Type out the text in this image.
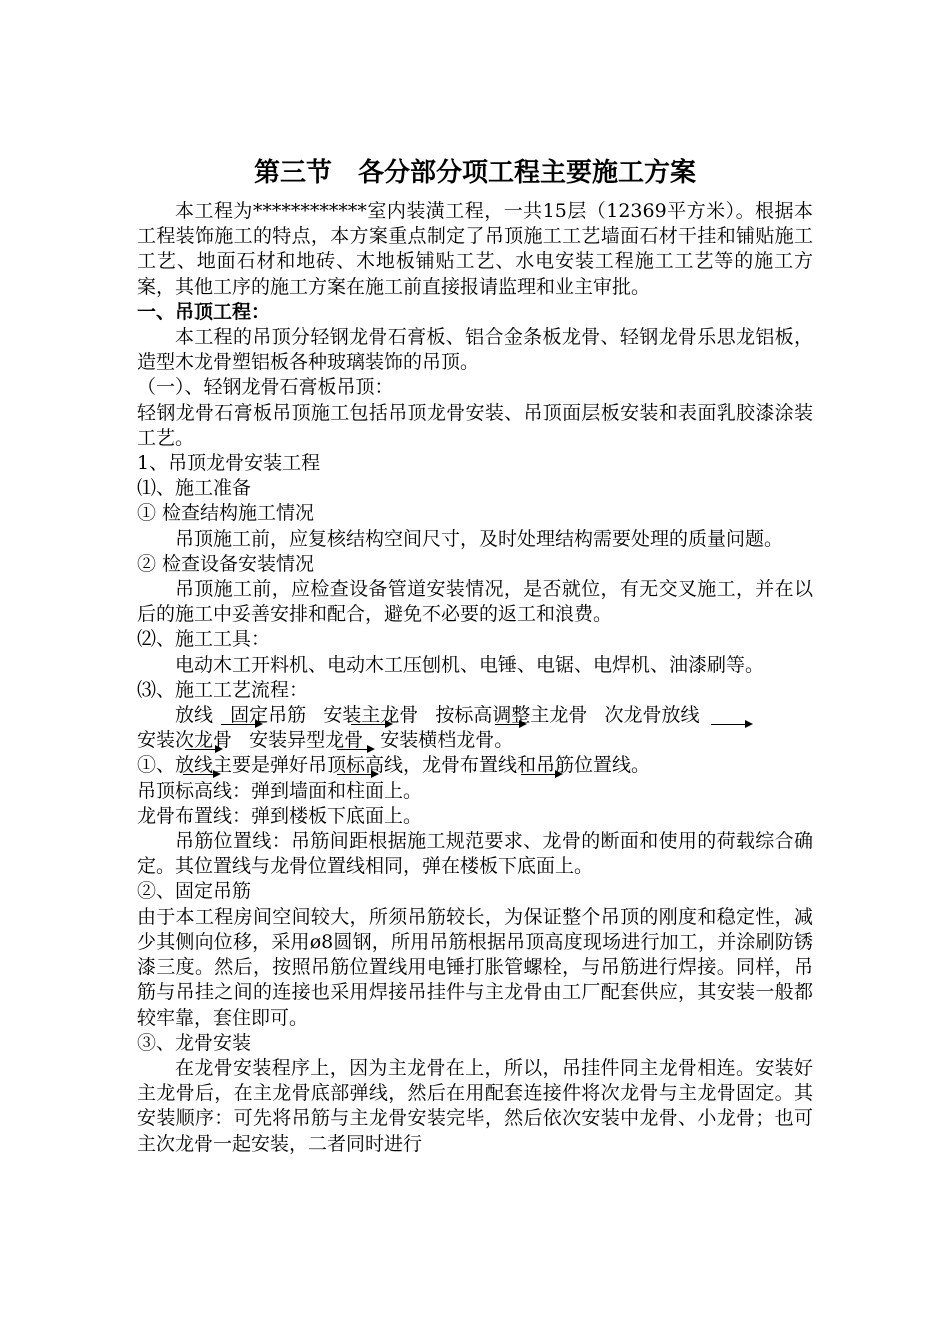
第三节　各分部分项工程主要施工方案

本工程为************室内装潢工程，一共15层（12369平方米）。根据本工程装饰施工的特点，本方案重点制定了吊顶施工工艺墙面石材干挂和铺贴施工工艺、地面石材和地砖、木地板铺贴工艺、水电安装工程施工工艺等的施工方案，其他工序的施工方案在施工前直接报请监理和业主审批。

一、吊顶工程：

本工程的吊顶分轻钢龙骨石膏板、铝合金条板龙骨、轻钢龙骨乐思龙铝板，造型木龙骨塑铝板各种玻璃装饰的吊顶。

（一）、轻钢龙骨石膏板吊顶：

轻钢龙骨石膏板吊顶施工包括吊顶龙骨安装、吊顶面层板安装和表面乳胶漆涂装工艺。

1、吊顶龙骨安装工程

⑴、施工准备

① 检查结构施工情况

吊顶施工前，应复核结构空间尺寸，及时处理结构需要处理的质量问题。

② 检查设备安装情况

吊顶施工前，应检查设备管道安装情况，是否就位，有无交叉施工，并在以后的施工中妥善安排和配合，避免不必要的返工和浪费。

⑵、施工工具：

电动木工开料机、电动木工压刨机、电锤、电锯、电焊机、油漆刷等。

⑶、施工工艺流程：

放线 固定吊筋 安装主龙骨 按标高调整主龙骨 次龙骨放线
安装次龙骨 安装异型龙骨 安装横档龙骨。

①、放线主要是弹好吊顶标高线，龙骨布置线和吊筋位置线。

吊顶标高线：弹到墙面和柱面上。

龙骨布置线：弹到楼板下底面上。

吊筋位置线：吊筋间距根据施工规范要求、龙骨的断面和使用的荷载综合确定。其位置线与龙骨位置线相同，弹在楼板下底面上。

②、固定吊筋

由于本工程房间空间较大，所须吊筋较长，为保证整个吊顶的刚度和稳定性，减少其侧向位移，采用ø8圆钢，所用吊筋根据吊顶高度现场进行加工，并涂刷防锈漆三度。然后，按照吊筋位置线用电锤打胀管螺栓，与吊筋进行焊接。同样，吊筋与吊挂之间的连接也采用焊接吊挂件与主龙骨由工厂配套供应，其安装一般都较牢靠，套住即可。

③、龙骨安装

在龙骨安装程序上，因为主龙骨在上，所以，吊挂件同主龙骨相连。安装好主龙骨后，在主龙骨底部弹线，然后在用配套连接件将次龙骨与主龙骨固定。其安装顺序：可先将吊筋与主龙骨安装完毕，然后依次安装中龙骨、小龙骨；也可主次龙骨一起安装，二者同时进行
